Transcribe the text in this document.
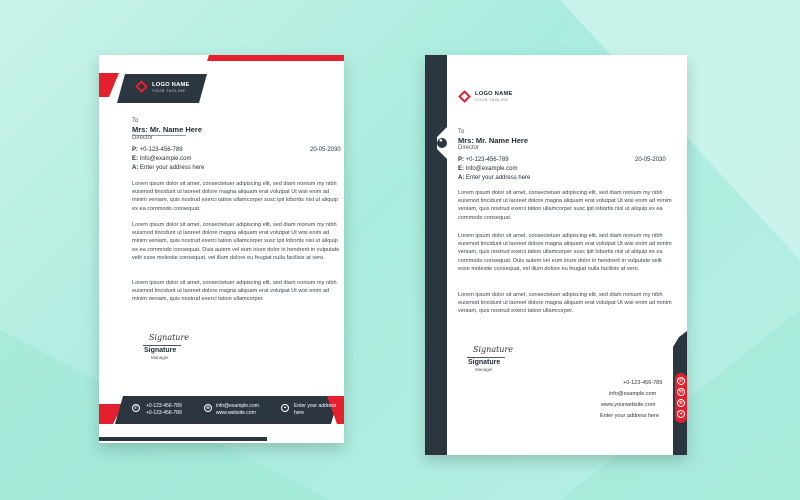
LOGO NAME
YOUR TAGLINE
To
Mrs: Mr. Name Here
Director
P: +0-123-456-789
E: Info@example.com
A: Enter your address here
20-05-2030
Lorem ipsum dolor sit amet, consectetuer adipiscing elit, sed diam nonium my nibh euismod tincidunt ut laoreet dolore magna aliquam erat volutpat Ut wisi enim ad minim veniam, quis nostrud exerci tation ullamcorper susc ipit lobortis nisl ut aliquip ex ea commodo consequat.
Lorem ipsum dolor sit amet, consectetuer adipiscing elit, sed diam nionum my nibh euismod tincidunt ut laoreet dolore magna aliquam erat volutpat Ut wisi enim ad minim veniam, quis nostrud exerci tation ullamcorper susc ipit lobortis nisl ut aliquip ex ea commodo consequat. Duis autem vel eum iriure dolor in hendrerit in vulputate velit esse molestie consequat, vel illum dolore eu feugiat nulla facilisis at vero.
Lorem ipsum dolor sit amet, consectetuer adipiscing elit, sed diam nonium my nibh euismod tincidunt ut laoreet dolore magna aliquam erat volutpat Ut wisi enim ad minim veniam, quis nostrud exerci tation ullamcorper.
Signature
Signature
Manager
✆	+0-123-456-789
+0-123-456-789
⊕	info@example.com
www.website.com
⌖	Enter your address
here
●
LOGO NAME
YOUR TAGLINE
To
Mrs: Mr. Name Here
Director
P: +0-123-456-789
E: Info@example.com
A: Enter your address here
20-05-2030
Lorem ipsum dolor sit amet, consectetuer adipiscing elit, sed diam nonium my nibh euismod tincidunt ut laoreet dolore magna aliquam erat volutpat Ut wisi enim ad minim veniam, quis nostrud exerci tation ullamcorper susc ipit lobortis nisl ut aliquip ex ea commodo consequat.
Lorem ipsum dolor sit amet, consectetuer adipiscing elit, sed diam nionum my nibh euismod tincidunt ut laoreet dolore magna aliquam erat volutpat Ut wisi enim ad minim veniam, quis nostrud exerci tation ullamcorper susc ipit lobortis nisl ut aliquip ex ea commodo consequat. Duis autem vel eum iriure dolor in hendrerit in vulputate velit esse molestie consequat, vel illum dolore eu feugiat nulla facilisis at vero.
Lorem ipsum dolor sit amet, consectetuer adipiscing elit, sed diam nonium my nibh euismod tincidunt ut laoreet dolore magna aliquam erat volutpat Ut wisi enim ad minim veniam, quis nostrud exerci tation ullamcorper.
Signature
Signature
Manager
+0-123-456-789
info@example.com
www.yourwebsite.com
Enter your address here
✆
✉
⊕
⌖
